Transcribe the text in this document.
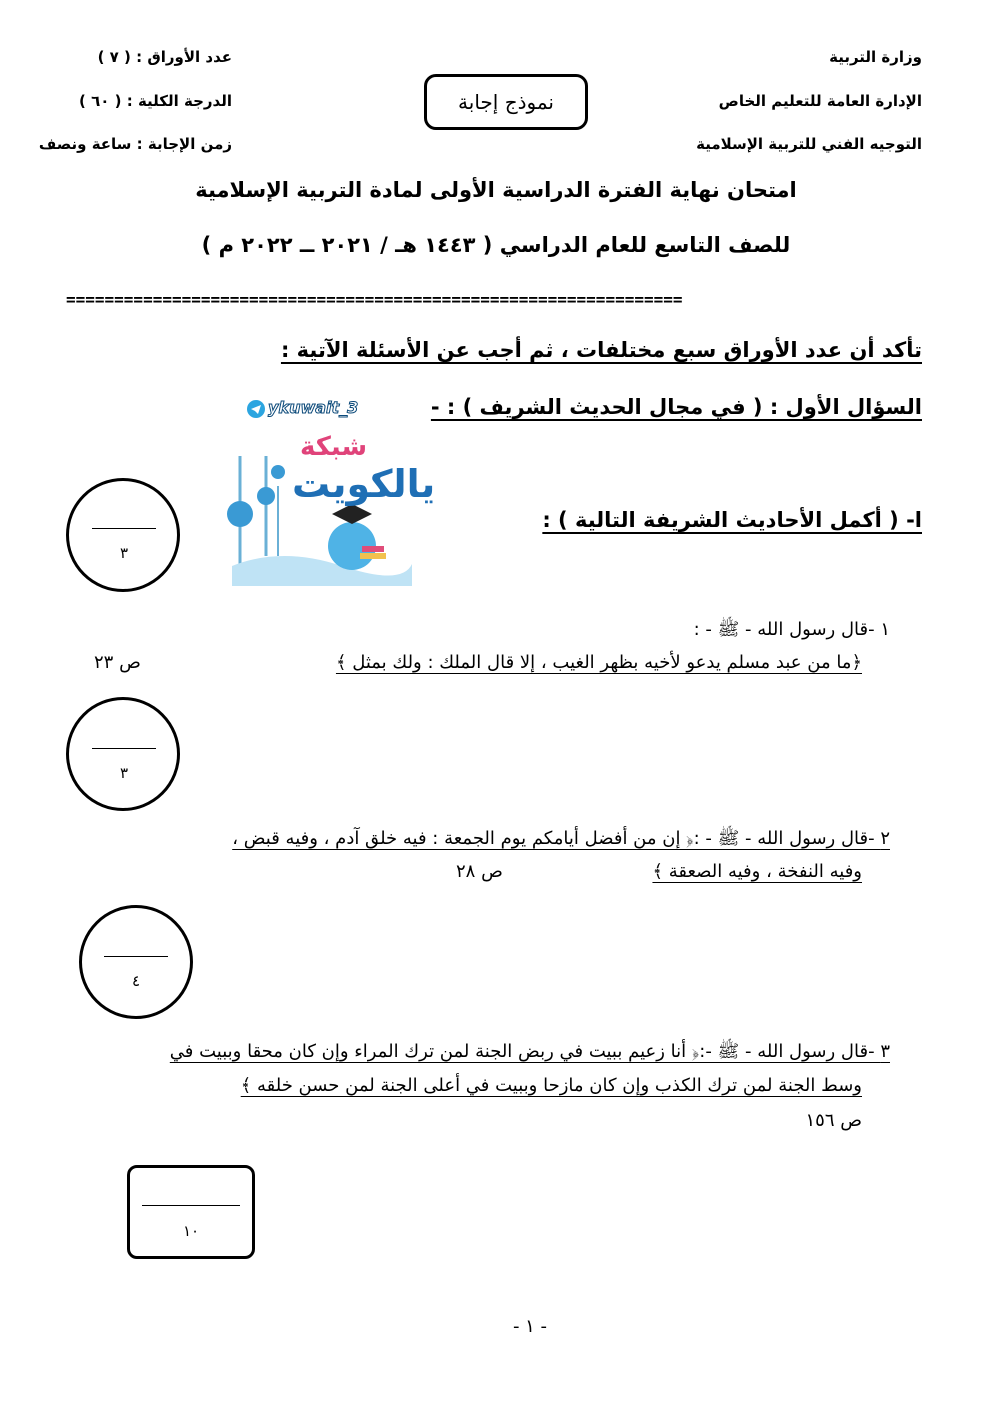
وزارة التربية
الإدارة العامة للتعليم الخاص
التوجيه الفني للتربية الإسلامية
عدد الأوراق : ( ٧ )
الدرجة الكلية : ( ٦٠ )
زمن الإجابة : ساعة ونصف
نموذج إجابة
امتحان نهاية الفترة الدراسية الأولى لمادة التربية الإسلامية
للصف التاسع للعام الدراسي ( ١٤٤٣ هـ / ٢٠٢١ ــ ٢٠٢٢ م )
================================================================
تأكد أن عدد الأوراق سبع مختلفات ، ثم أجب عن الأسئلة الآتية :
السؤال الأول : ( في مجال الحديث الشريف ) : -
ykuwait_3
شبكة
يالكويت
ا- ( أكمل الأحاديث الشريفة التالية ) :
٣
١ -قال رسول الله - ﷺ - :
﴿ما من عبد مسلم يدعو لأخيه بظهر الغيب ، إلا قال الملك : ولك بمثل ﴾
ص ٢٣
٣
٢ -قال رسول الله - ﷺ - :﴿ إن من أفضل أيامكم يوم الجمعة : فيه خلق آدم ، وفيه قبض ،
وفيه النفخة ، وفيه الصعقة ﴾
ص ٢٨
٤
٣ -قال رسول الله - ﷺ -:﴿ أنا زعيم ببيت في ربض الجنة لمن ترك المراء وإن كان محقا وببيت في
وسط الجنة لمن ترك الكذب وإن كان مازحا وببيت في أعلى الجنة لمن حسن خلقه ﴾
ص ١٥٦
١٠
- ١ -
